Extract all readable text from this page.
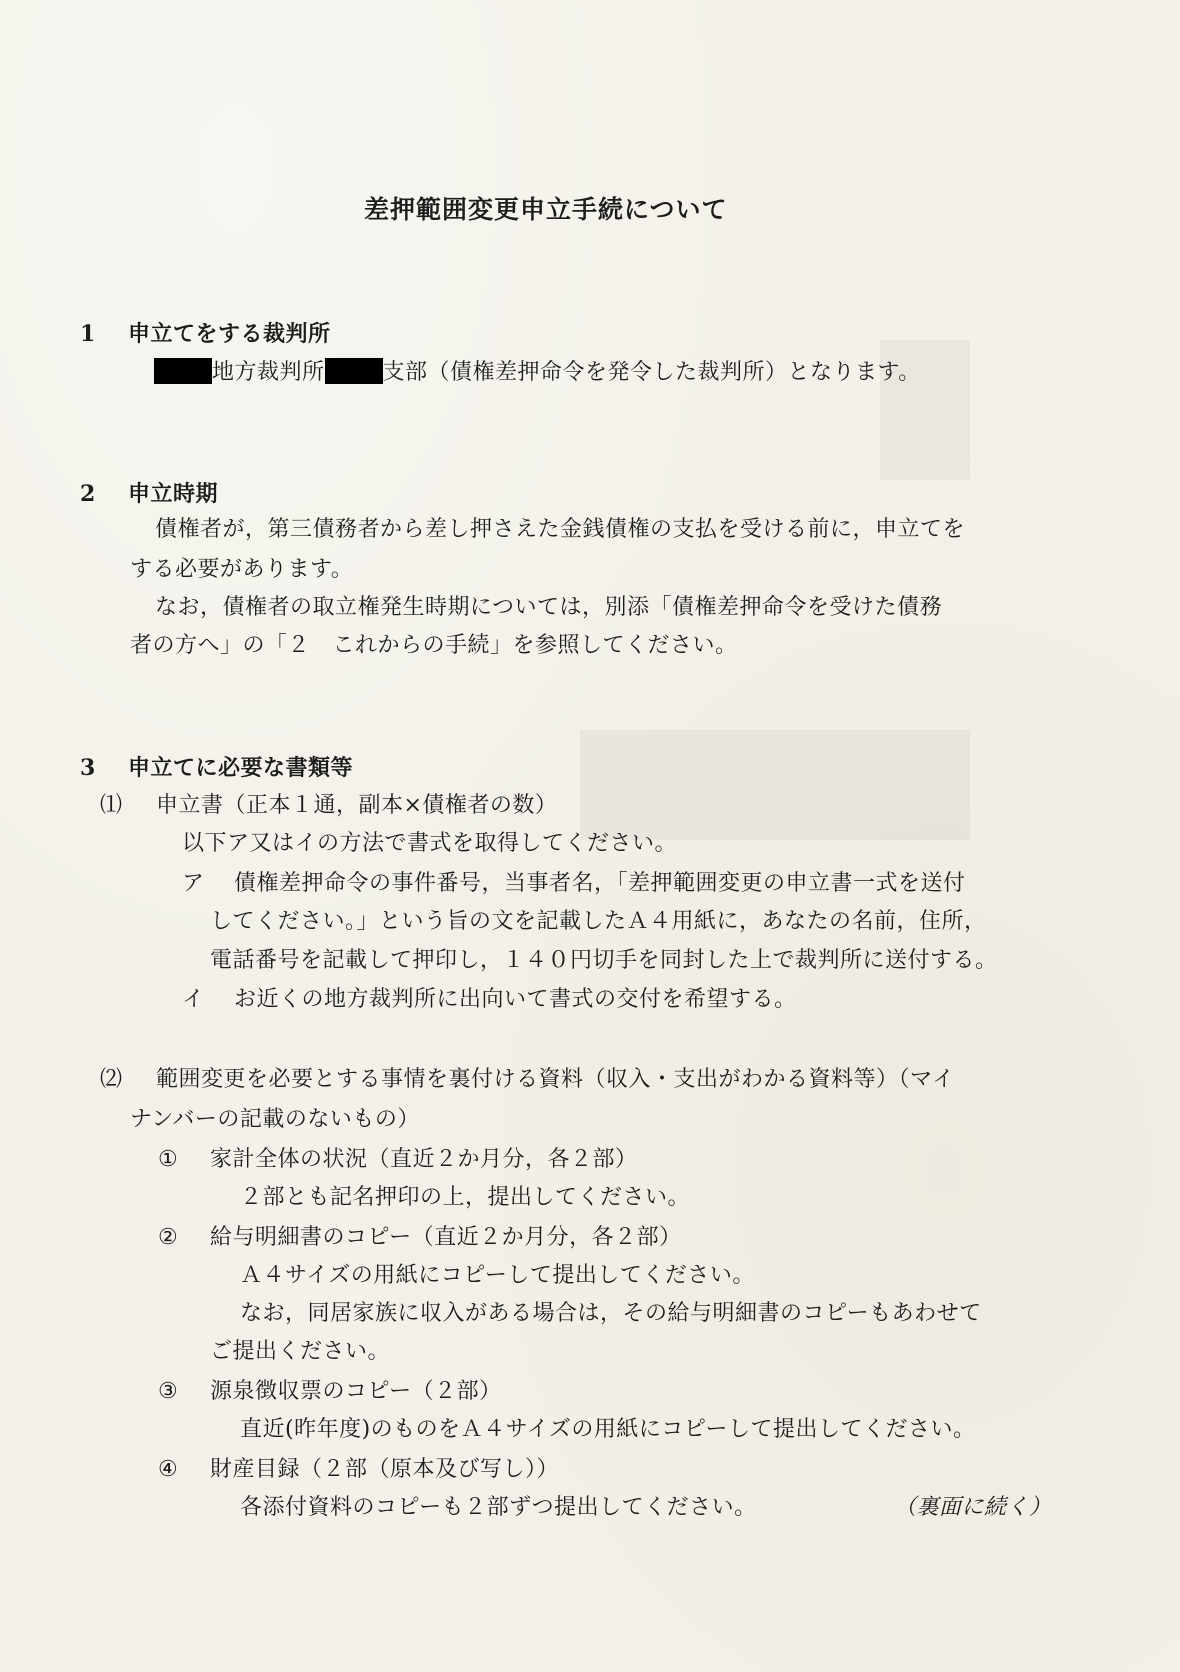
差押範囲変更申立手続について
1 申立てをする裁判所
地方裁判所	支部（債権差押命令を発令した裁判所）となります。
2 申立時期
債権者が，第三債務者から差し押さえた金銭債権の支払を受ける前に，申立てを
する必要があります。
なお，債権者の取立権発生時期については，別添「債権差押命令を受けた債務
者の方へ」の「２　これからの手続」を参照してください。
3 申立てに必要な書類等
⑴ 申立書（正本１通，副本×債権者の数）
以下ア又はイの方法で書式を取得してください。
ア 債権差押命令の事件番号，当事者名，「差押範囲変更の申立書一式を送付
してください。」という旨の文を記載したＡ４用紙に，あなたの名前，住所，
電話番号を記載して押印し，１４０円切手を同封した上で裁判所に送付する。
イ お近くの地方裁判所に出向いて書式の交付を希望する。
⑵ 範囲変更を必要とする事情を裏付ける資料（収入・支出がわかる資料等）（マイ
ナンバーの記載のないもの）
① 家計全体の状況（直近２か月分，各２部）
２部とも記名押印の上，提出してください。
② 給与明細書のコピー（直近２か月分，各２部）
Ａ４サイズの用紙にコピーして提出してください。
なお，同居家族に収入がある場合は，その給与明細書のコピーもあわせて
ご提出ください。
③ 源泉徴収票のコピー（２部）
直近(昨年度)のものをＡ４サイズの用紙にコピーして提出してください。
④ 財産目録（２部（原本及び写し））
各添付資料のコピーも２部ずつ提出してください。	（裏面に続く）
